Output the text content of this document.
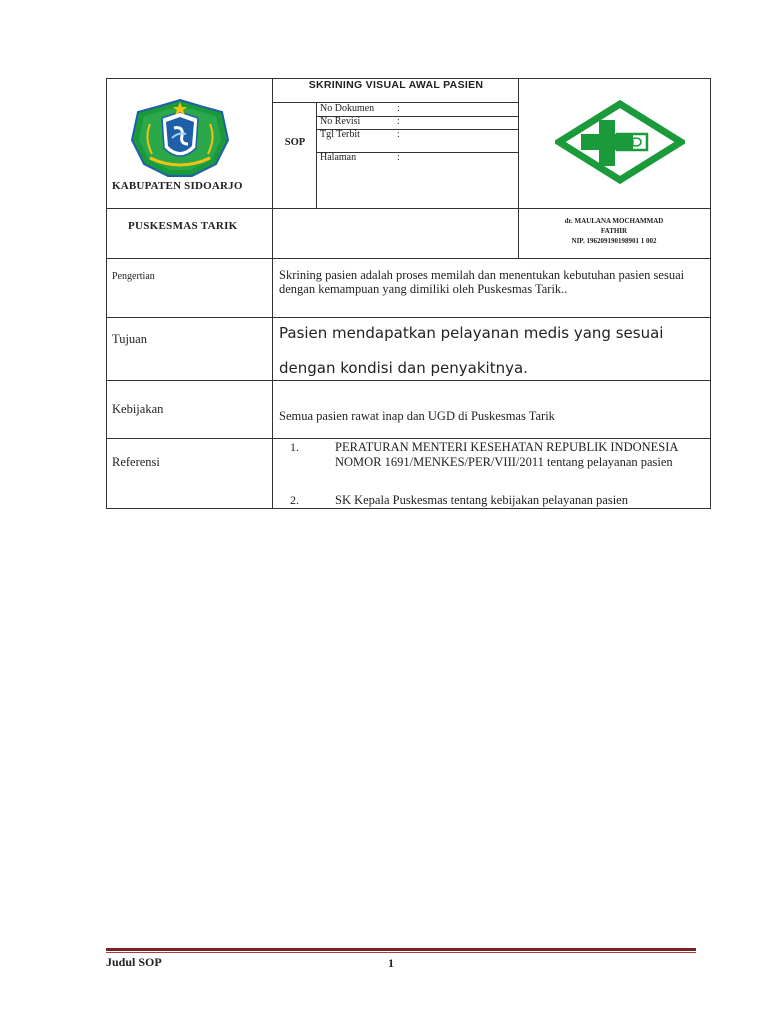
KABUPATEN SIDOARJO
SKRINING VISUAL AWAL PASIEN
SOP
No Dokumen :
No Revisi	:
Tgl Terbit	:
Halaman	:
PUSKESMAS TARIK	dr. MAULANA MOCHAMMAD
FATHIR
NIP. 196209190198901 1 002
Pengertian	Skrining pasien adalah proses memilah dan menentukan kebutuhan pasien sesuai dengan kemampuan yang dimiliki oleh Puskesmas Tarik..
Tujuan	Pasien mendapatkan pelayanan medis yang sesuai dengan kondisi dan penyakitnya.
Kebijakan	Semua pasien rawat inap dan UGD di Puskesmas Tarik
Referensi
1.	PERATURAN MENTERI KESEHATAN REPUBLIK INDONESIA NOMOR 1691/MENKES/PER/VIII/2011 tentang pelayanan pasien
2.	SK Kepala Puskesmas tentang kebijakan pelayanan pasien
Judul SOP	1
